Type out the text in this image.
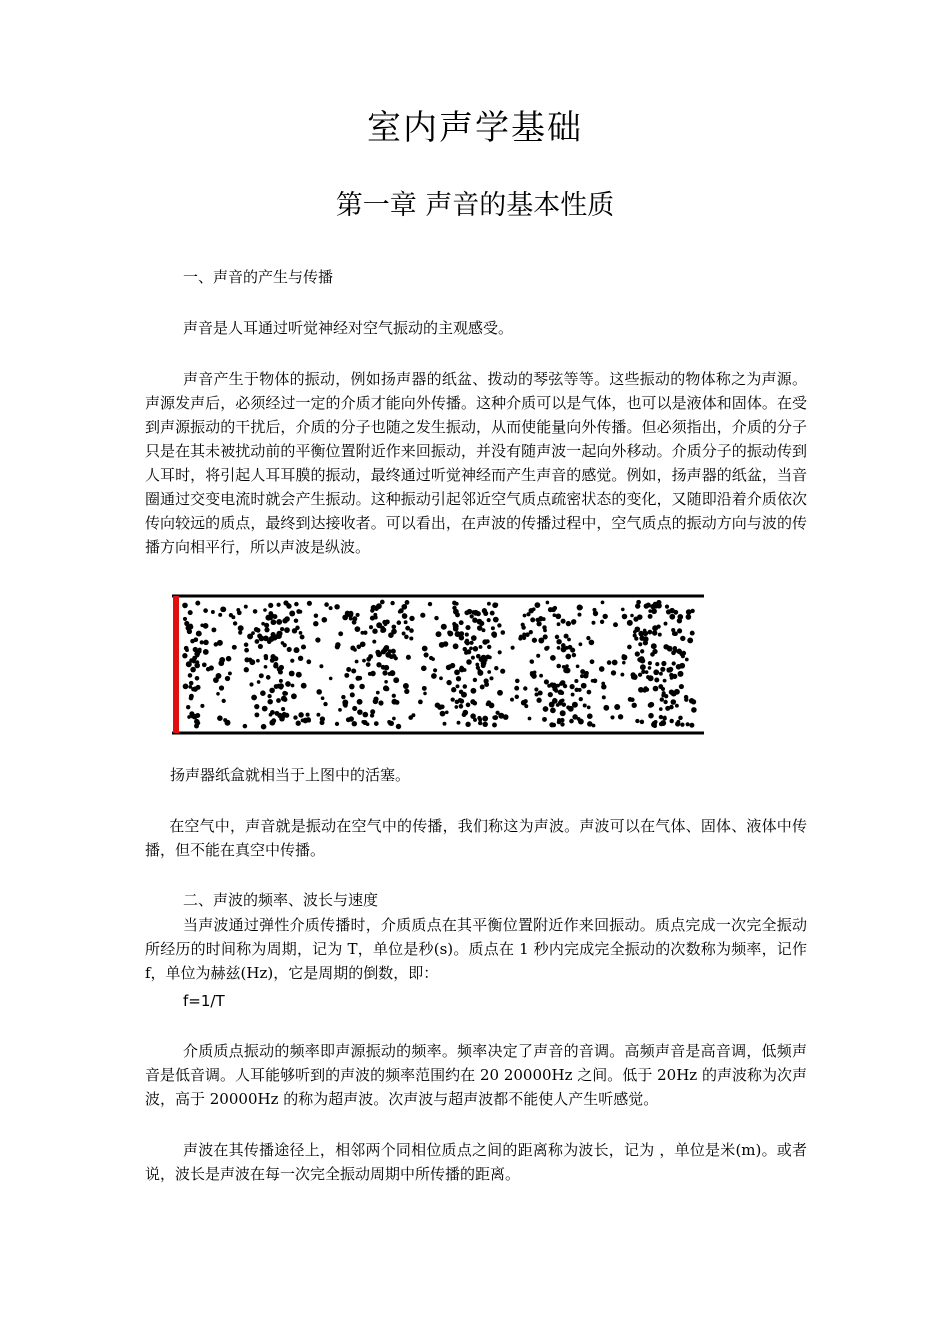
室内声学基础
第一章 声音的基本性质

一、声音的产生与传播

声音是人耳通过听觉神经对空气振动的主观感受。

声音产生于物体的振动，例如扬声器的纸盆、拨动的琴弦等等。这些振动的物体称之为声源。声源发声后，必须经过一定的介质才能向外传播。这种介质可以是气体，也可以是液体和固体。在受到声源振动的干扰后，介质的分子也随之发生振动，从而使能量向外传播。但必须指出，介质的分子只是在其未被扰动前的平衡位置附近作来回振动，并没有随声波一起向外移动。介质分子的振动传到人耳时，将引起人耳耳膜的振动，最终通过听觉神经而产生声音的感觉。例如，扬声器的纸盆，当音圈通过交变电流时就会产生振动。这种振动引起邻近空气质点疏密状态的变化，又随即沿着介质依次传向较远的质点，最终到达接收者。可以看出，在声波的传播过程中，空气质点的振动方向与波的传播方向相平行，所以声波是纵波。

扬声器纸盒就相当于上图中的活塞。

在空气中，声音就是振动在空气中的传播，我们称这为声波。声波可以在气体、固体、液体中传播，但不能在真空中传播。

二、声波的频率、波长与速度

当声波通过弹性介质传播时，介质质点在其平衡位置附近作来回振动。质点完成一次完全振动所经历的时间称为周期，记为 T，单位是秒(s)。质点在 1 秒内完成完全振动的次数称为频率，记作 f，单位为赫兹(Hz)，它是周期的倒数，即：

f=1/T

介质质点振动的频率即声源振动的频率。频率决定了声音的音调。高频声音是高音调，低频声音是低音调。人耳能够听到的声波的频率范围约在 20 20000Hz 之间。低于 20Hz 的声波称为次声波，高于 20000Hz 的称为超声波。次声波与超声波都不能使人产生听感觉。

声波在其传播途径上，相邻两个同相位质点之间的距离称为波长，记为 ，单位是米(m)。或者说，波长是声波在每一次完全振动周期中所传播的距离。
